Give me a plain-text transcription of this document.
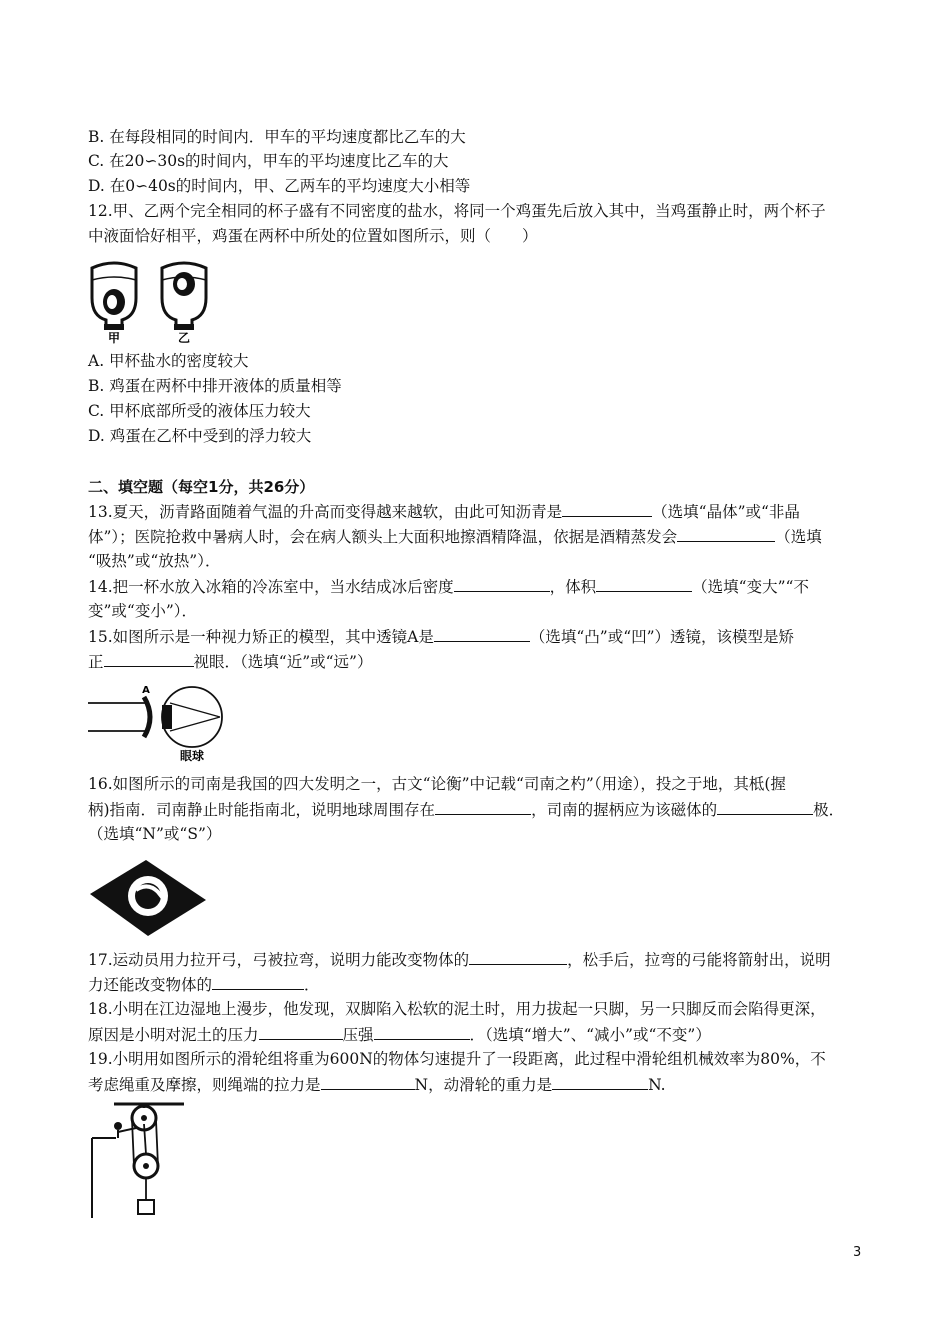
B. 在每段相同的时间内．甲车的平均速度都比乙车的大
C. 在20∽30s的时间内，甲车的平均速度比乙车的大
D. 在0∽40s的时间内，甲、乙两车的平均速度大小相等
12.甲、乙两个完全相同的杯子盛有不同密度的盐水，将同一个鸡蛋先后放入其中，当鸡蛋静止时，两个杯子
中液面恰好相平，鸡蛋在两杯中所处的位置如图所示，则（　　）
甲	乙
A. 甲杯盐水的密度较大
B. 鸡蛋在两杯中排开液体的质量相等
C. 甲杯底部所受的液体压力较大
D. 鸡蛋在乙杯中受到的浮力较大
二、填空题（每空1分，共26分）
13.夏天，沥青路面随着气温的升高而变得越来越软，由此可知沥青是	（选填“晶体”或“非晶
体”）；医院抢救中暑病人时，会在病人额头上大面积地擦酒精降温，依据是酒精蒸发会	（选填
“吸热”或“放热”）．
14.把一杯水放入冰箱的冷冻室中，当水结成冰后密度	，体积	（选填“变大”“不
变”或“变小”）．
15.如图所示是一种视力矫正的模型，其中透镜A是	（选填“凸”或“凹”）透镜，该模型是矫
正	视眼．（选填“近”或“远”）
A
眼球
16.如图所示的司南是我国的四大发明之一，古文“论衡”中记载“司南之杓”（用途），投之于地，其柢(握
柄)指南．司南静止时能指南北，说明地球周围存在	，司南的握柄应为该磁体的	极．
（选填“N”或“S”）
17.运动员用力拉开弓，弓被拉弯，说明力能改变物体的	，松手后，拉弯的弓能将箭射出，说明
力还能改变物体的	．
18.小明在江边湿地上漫步，他发现，双脚陷入松软的泥土时，用力拔起一只脚，另一只脚反而会陷得更深，
原因是小明对泥土的压力	压强	．（选填“增大”、“减小”或“不变”）
19.小明用如图所示的滑轮组将重为600N的物体匀速提升了一段距离，此过程中滑轮组机械效率为80%，不
考虑绳重及摩擦，则绳端的拉力是	N，动滑轮的重力是	N.
3
